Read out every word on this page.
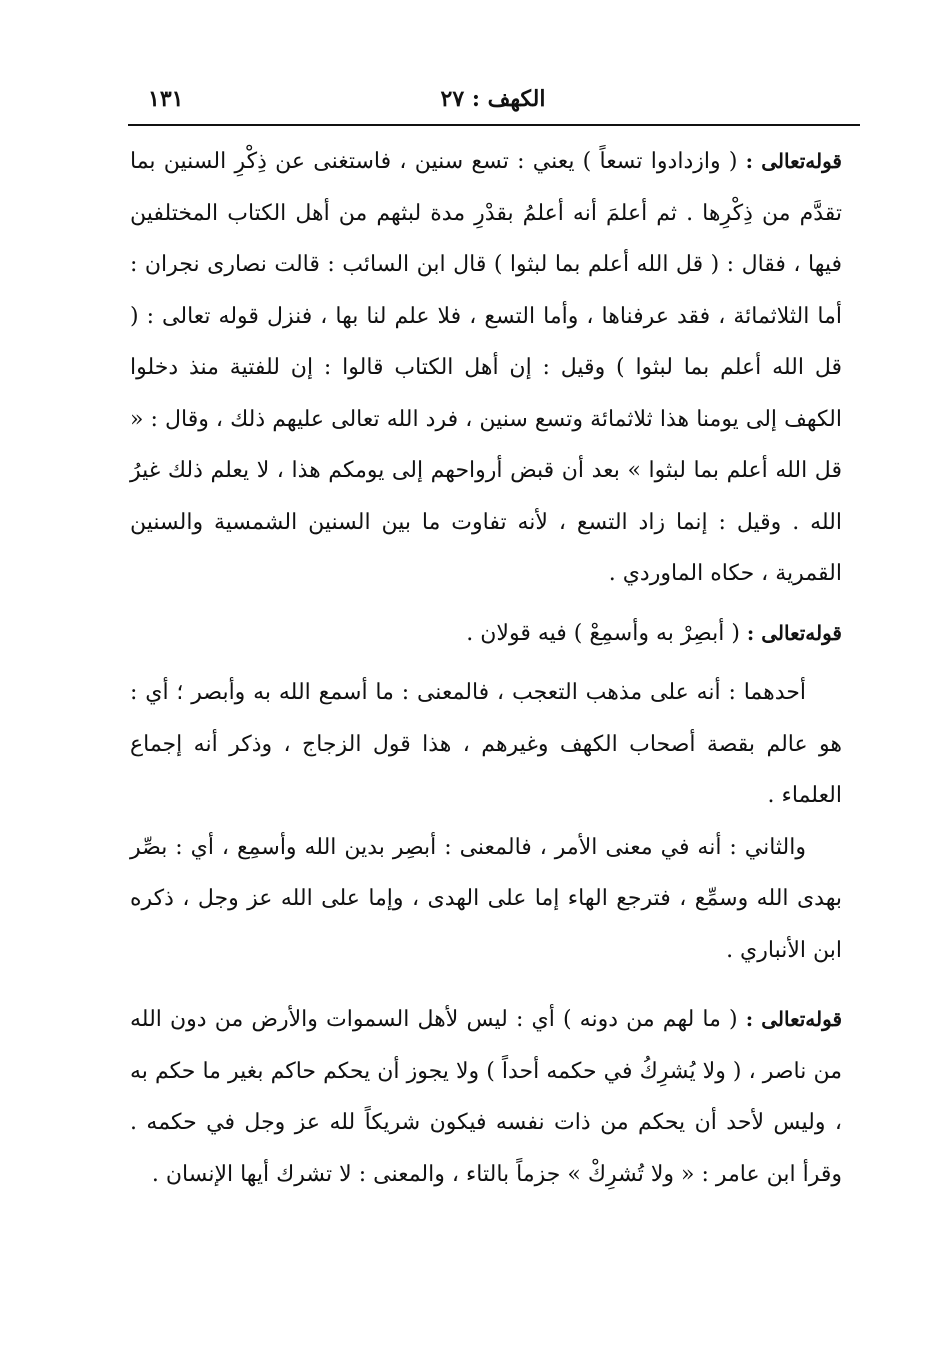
الكهف : ٢٧
١٣١

قوله‌تعالى : ( وازدادوا تسعاً ) يعني : تسع سنين ، فاستغنى عن ذِكْرِ السنين بما تقدَّم من ذِكْرِها . ثم أعلمَ أنه أعلمُ بقدْرِ مدة لبثهم من أهل الكتاب المختلفين فيها ، فقال : ( قل الله أعلم بما لبثوا ) قال ابن السائب : قالت نصارى نجران : أما الثلاثمائة ، فقد عرفناها ، وأما التسع ، فلا علم لنا بها ، فنزل قوله تعالى : ( قل الله أعلم بما لبثوا ) وقيل : إن أهل الكتاب قالوا : إن للفتية منذ دخلوا الكهف إلى يومنا هذا ثلاثمائة وتسع سنين ، فرد الله تعالى عليهم ذلك ، وقال : « قل الله أعلم بما لبثوا » بعد أن قبض أرواحهم إلى يومكم هذا ، لا يعلم ذلك غيرُ الله . وقيل : إنما زاد التسع ، لأنه تفاوت ما بين السنين الشمسية والسنين القمرية ، حكاه الماوردي .

قوله‌تعالى : ( أبصِرْ به وأسمِعْ ) فيه قولان .

أحدهما : أنه على مذهب التعجب ، فالمعنى : ما أسمع الله به وأبصر ؛ أي : هو عالم بقصة أصحاب الكهف وغيرهم ، هذا قول الزجاج ، وذكر أنه إجماع العلماء .

والثاني : أنه في معنى الأمر ، فالمعنى : أبصِر بدين الله وأسمِع ، أي : بصِّر بهدى الله وسمِّع ، فترجع الهاء إما على الهدى ، وإما على الله عز وجل ، ذكره ابن الأنباري .

قوله‌تعالى : ( ما لهم من دونه ) أي : ليس لأهل السموات والأرض من دون الله من ناصر ، ( ولا يُشرِكُ في حكمه أحداً ) ولا يجوز أن يحكم حاكم بغير ما حكم به ، وليس لأحد أن يحكم من ذات نفسه فيكون شريكاً لله عز وجل في حكمه . وقرأ ابن عامر : « ولا تُشرِكْ » جزماً بالتاء ، والمعنى : لا تشرك أيها الإنسان .
